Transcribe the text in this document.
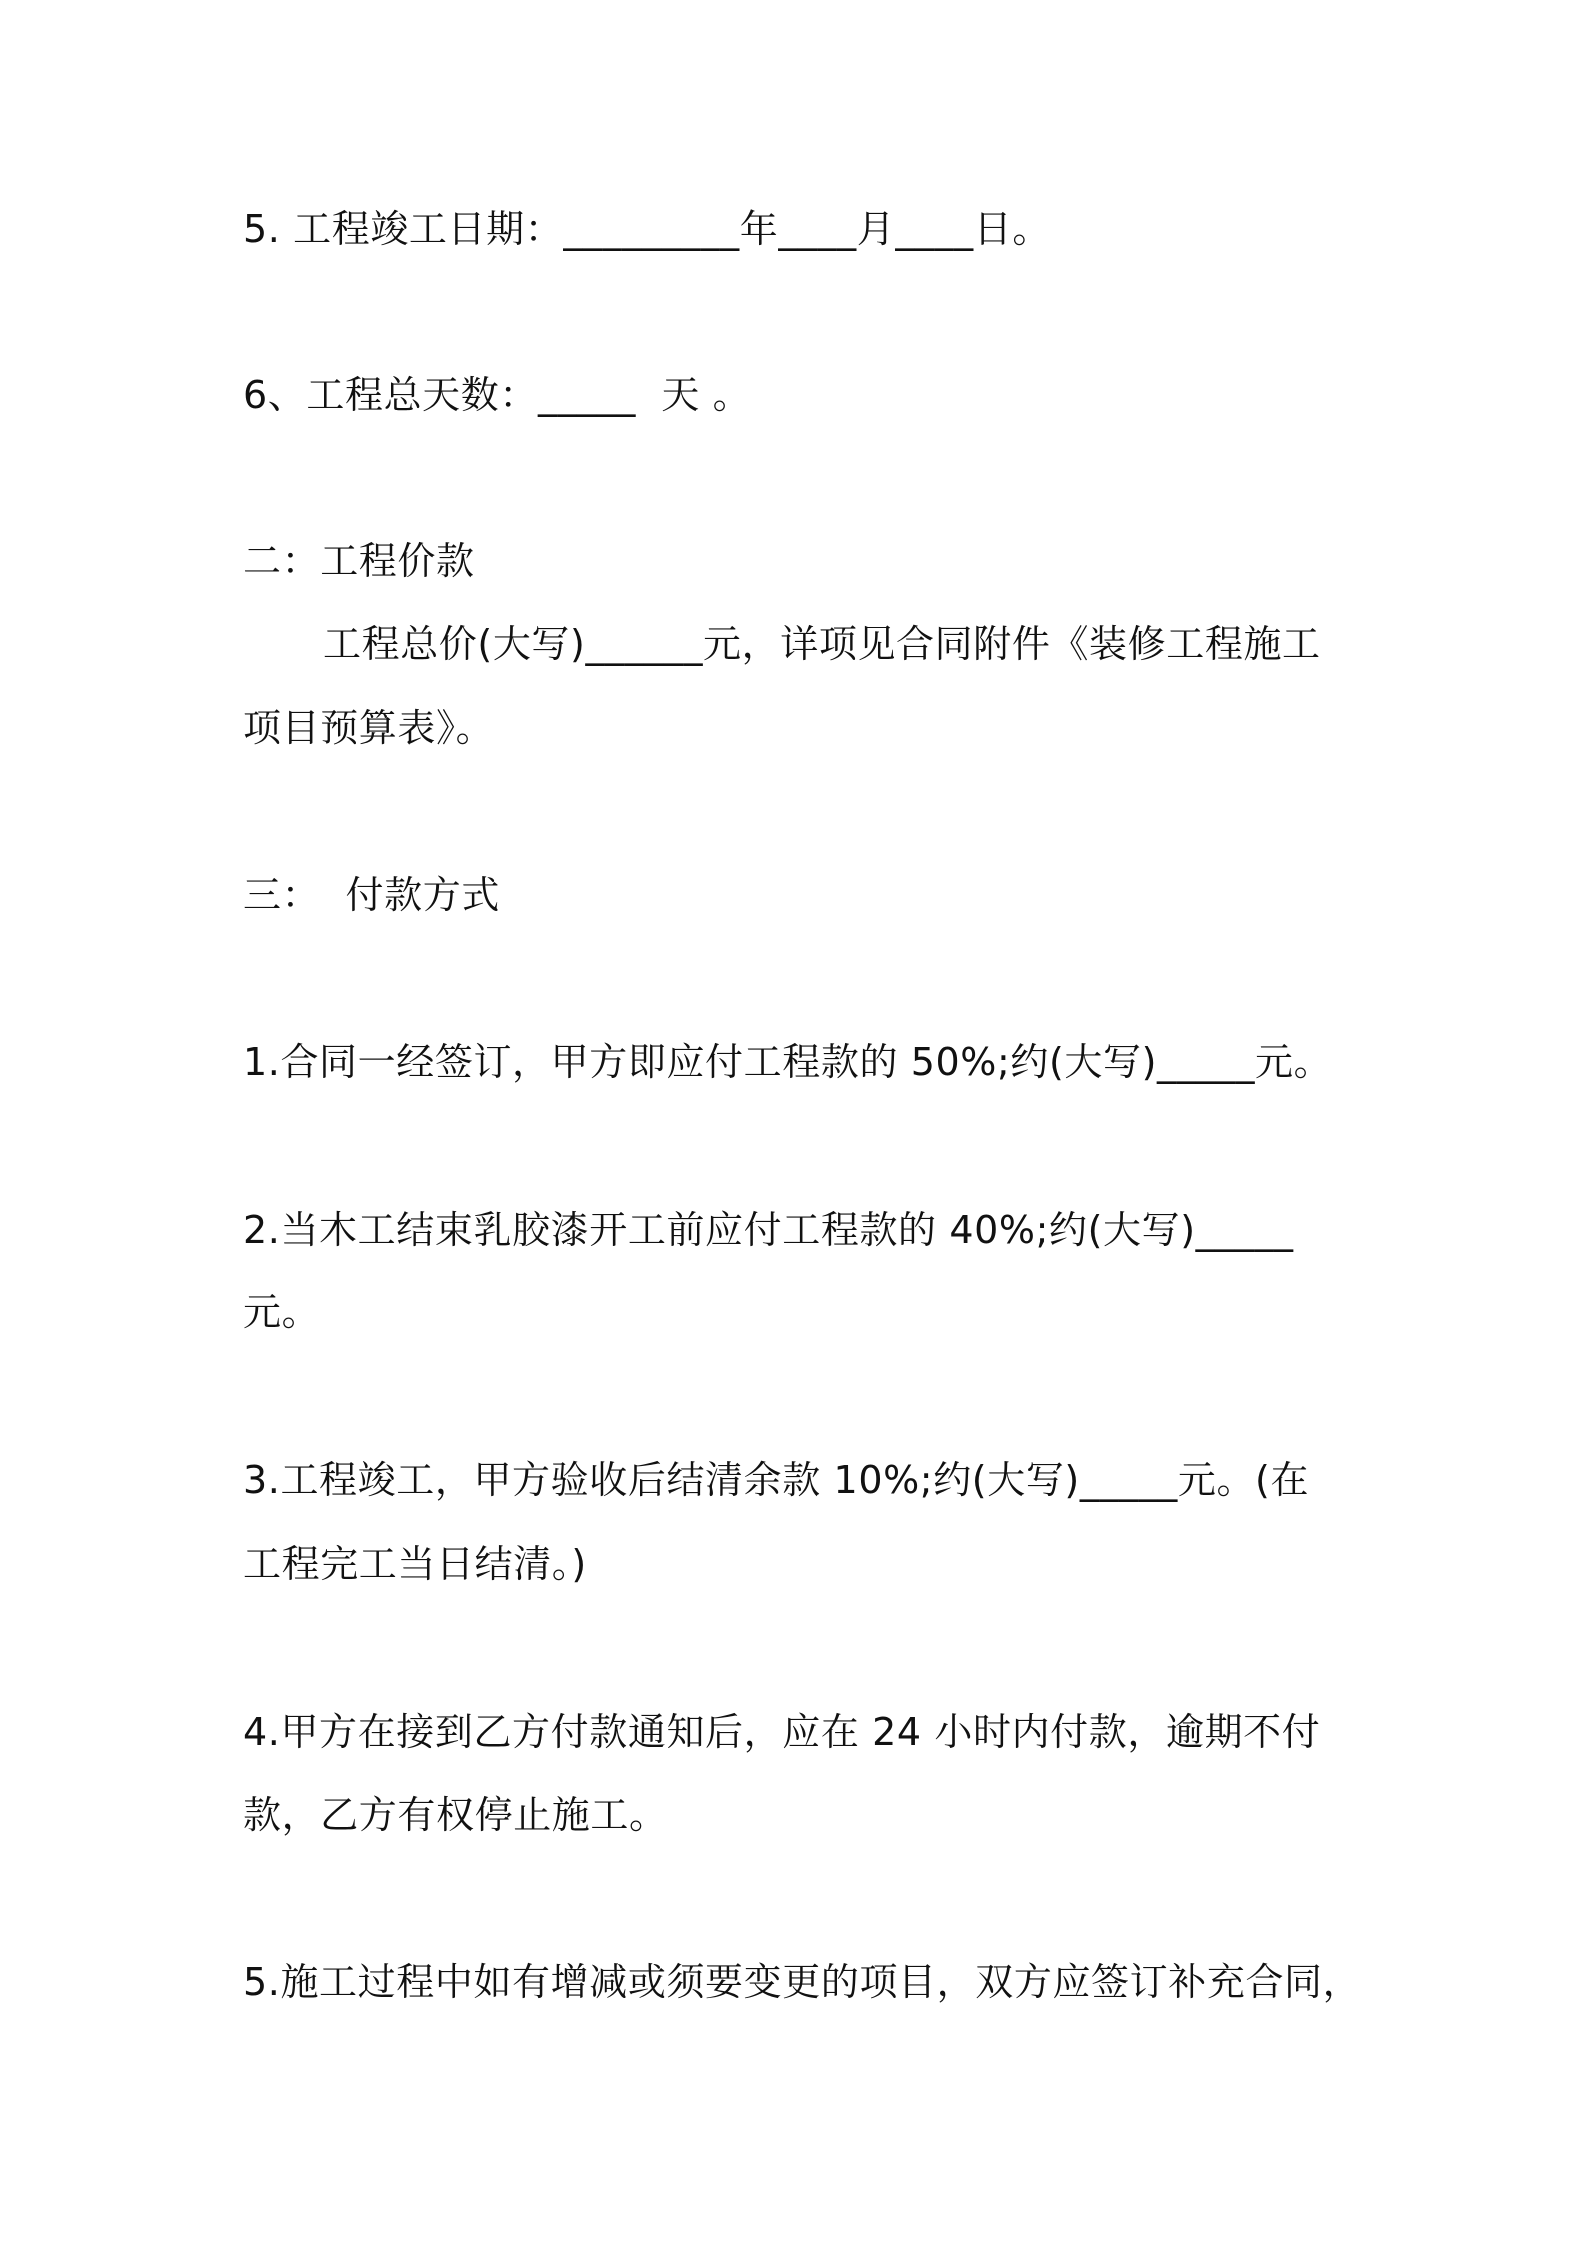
5. 工程竣工日期：_________年____月____日。
6、工程总天数：_____  天 。
二：工程价款
工程总价(大写)______元，详项见合同附件《装修工程施工
项目预算表》。
三：  付款方式
1.合同一经签订，甲方即应付工程款的 50%;约(大写)_____元。
2.当木工结束乳胶漆开工前应付工程款的 40%;约(大写)_____
元。
3.工程竣工，甲方验收后结清余款 10%;约(大写)_____元。(在
工程完工当日结清。)
4.甲方在接到乙方付款通知后，应在 24 小时内付款，逾期不付
款，乙方有权停止施工。
5.施工过程中如有增减或须要变更的项目，双方应签订补充合同，
